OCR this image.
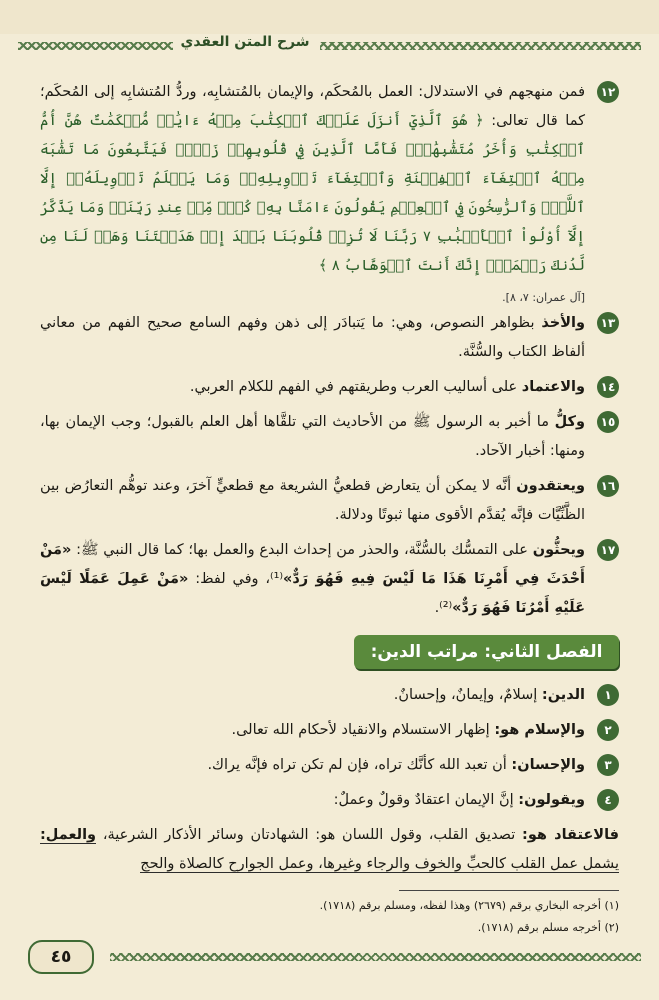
شرح المتن العقدي
١٢
فمن منهجهم في الاستدلال: العمل بالمُحكَم، والإيمان بالمُتشابِه، وردُّ المُتشابِه إلى المُحكَم؛ كما قال تعالى: ﴿ هُوَ ٱلَّذِيٓ أَنزَلَ عَلَيۡكَ ٱلۡكِتَٰبَ مِنۡهُ ءَايَٰتٞ مُّحۡكَمَٰتٌ هُنَّ أُمُّ ٱلۡكِتَٰبِ وَأُخَرُ مُتَشَٰبِهَٰتٞۖ فَأَمَّا ٱلَّذِينَ فِي قُلُوبِهِمۡ زَيۡغٞ فَيَتَّبِعُونَ مَا تَشَٰبَهَ مِنۡهُ ٱبۡتِغَآءَ ٱلۡفِتۡنَةِ وَٱبۡتِغَآءَ تَأۡوِيلِهِۦۖ وَمَا يَعۡلَمُ تَأۡوِيلَهُۥٓ إِلَّا ٱللَّهُۗ وَٱلرَّٰسِخُونَ فِي ٱلۡعِلۡمِ يَقُولُونَ ءَامَنَّا بِهِۦ كُلّٞ مِّنۡ عِندِ رَبِّنَاۗ وَمَا يَذَّكَّرُ إِلَّآ أُوْلُواْ ٱلۡأَلۡبَٰبِ ٧ رَبَّنَا لَا تُزِغۡ قُلُوبَنَا بَعۡدَ إِذۡ هَدَيۡتَنَا وَهَبۡ لَنَا مِن لَّدُنكَ رَحۡمَةًۚ إِنَّكَ أَنتَ ٱلۡوَهَّابُ ٨ ﴾
[آل عمران: ٧، ٨].
١٣
والأخذ بظواهر النصوص، وهي: ما يَتبادَر إلى ذهن وفهم السامع صحيح الفهم من معاني ألفاظ الكتاب والسُّنَّة.
١٤
والاعتماد على أساليب العرب وطريقتهم في الفهم للكلام العربي.
١٥
وكلُّ ما أخبر به الرسول ﷺ من الأحاديث التي تلقَّاها أهل العلم بالقبول؛ وجب الإيمان بها، ومنها: أخبار الآحاد.
١٦
ويعتقدون أنَّه لا يمكن أن يتعارض قطعيُّ الشريعة مع قطعيٍّ آخرَ، وعند توهُّم التعارُض بين الظَّنِّيَّات فإنَّه يُقدَّم الأقوى منها ثبوتًا ودلالة.
١٧
ويحثُّون على التمسُّك بالسُّنَّة، والحذر من إحداث البدع والعمل بها؛ كما قال النبي ﷺ: «مَنْ أَحْدَثَ فِي أَمْرِنَا هَذَا مَا لَيْسَ فِيهِ فَهُوَ رَدٌّ»⁽¹⁾، وفي لفظ: «مَنْ عَمِلَ عَمَلًا لَيْسَ عَلَيْهِ أَمْرُنَا فَهُوَ رَدٌّ»⁽²⁾.
الفصل الثاني: مراتب الدين:
١
الدين: إسلامٌ، وإيمانٌ، وإحسانٌ.
٢
والإسلام هو: إظهار الاستسلام والانقياد لأحكام الله تعالى.
٣
والإحسان: أن تعبد الله كأنَّك تراه، فإن لم تكن تراه فإنَّه يراك.
٤
ويقولون: إنَّ الإيمان اعتقادٌ وقولٌ وعملٌ:
فالاعتقاد هو: تصديق القلب، وقول اللسان هو: الشهادتان وسائر الأذكار الشرعية، والعمل: يشمل عمل القلب كالحبِّ والخوف والرجاء وغيرها، وعمل الجوارح كالصلاة والحج
(١) أخرجه البخاري برقم (٢٦٧٩) وهذا لفظه، ومسلم برقم (١٧١٨).
(٢) أخرجه مسلم برقم (١٧١٨).
٤٥
